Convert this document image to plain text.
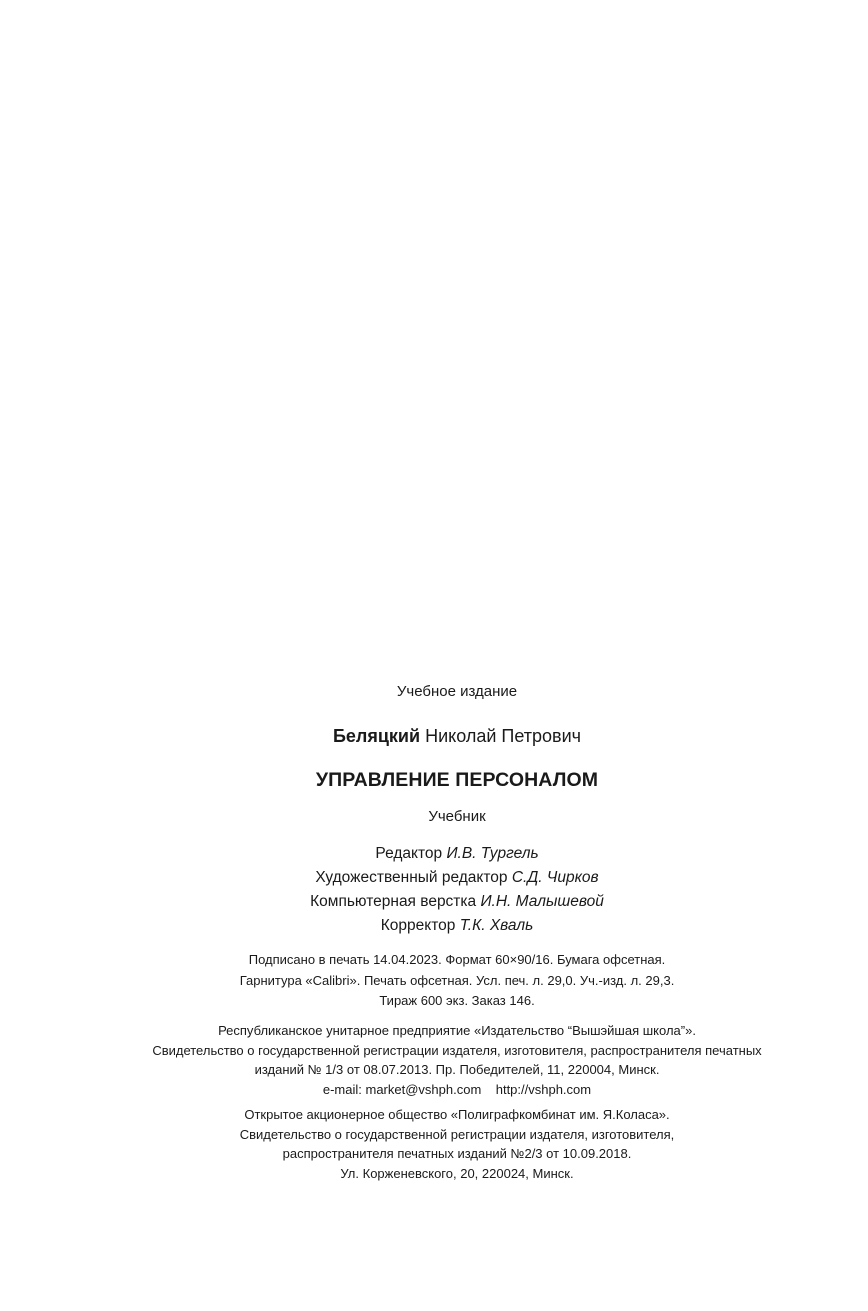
Учебное издание
Беляцкий Николай Петрович
УПРАВЛЕНИЕ ПЕРСОНАЛОМ
Учебник
Редактор И.В. Тургель
Художественный редактор С.Д. Чирков
Компьютерная верстка И.Н. Малышевой
Корректор Т.К. Хваль
Подписано в печать 14.04.2023. Формат 60×90/16. Бумага офсетная.
Гарнитура «Calibri». Печать офсетная. Усл. печ. л. 29,0. Уч.-изд. л. 29,3.
Тираж 600 экз. Заказ 146.
Республиканское унитарное предприятие «Издательство “Вышэйшая школа”».
Свидетельство о государственной регистрации издателя, изготовителя, распространителя печатных
изданий № 1/3 от 08.07.2013. Пр. Победителей, 11, 220004, Минск.
e-mail: market@vshph.com    http://vshph.com
Открытое акционерное общество «Полиграфкомбинат им. Я.Коласа».
Свидетельство о государственной регистрации издателя, изготовителя,
распространителя печатных изданий №2/3 от 10.09.2018.
Ул. Корженевского, 20, 220024, Минск.
